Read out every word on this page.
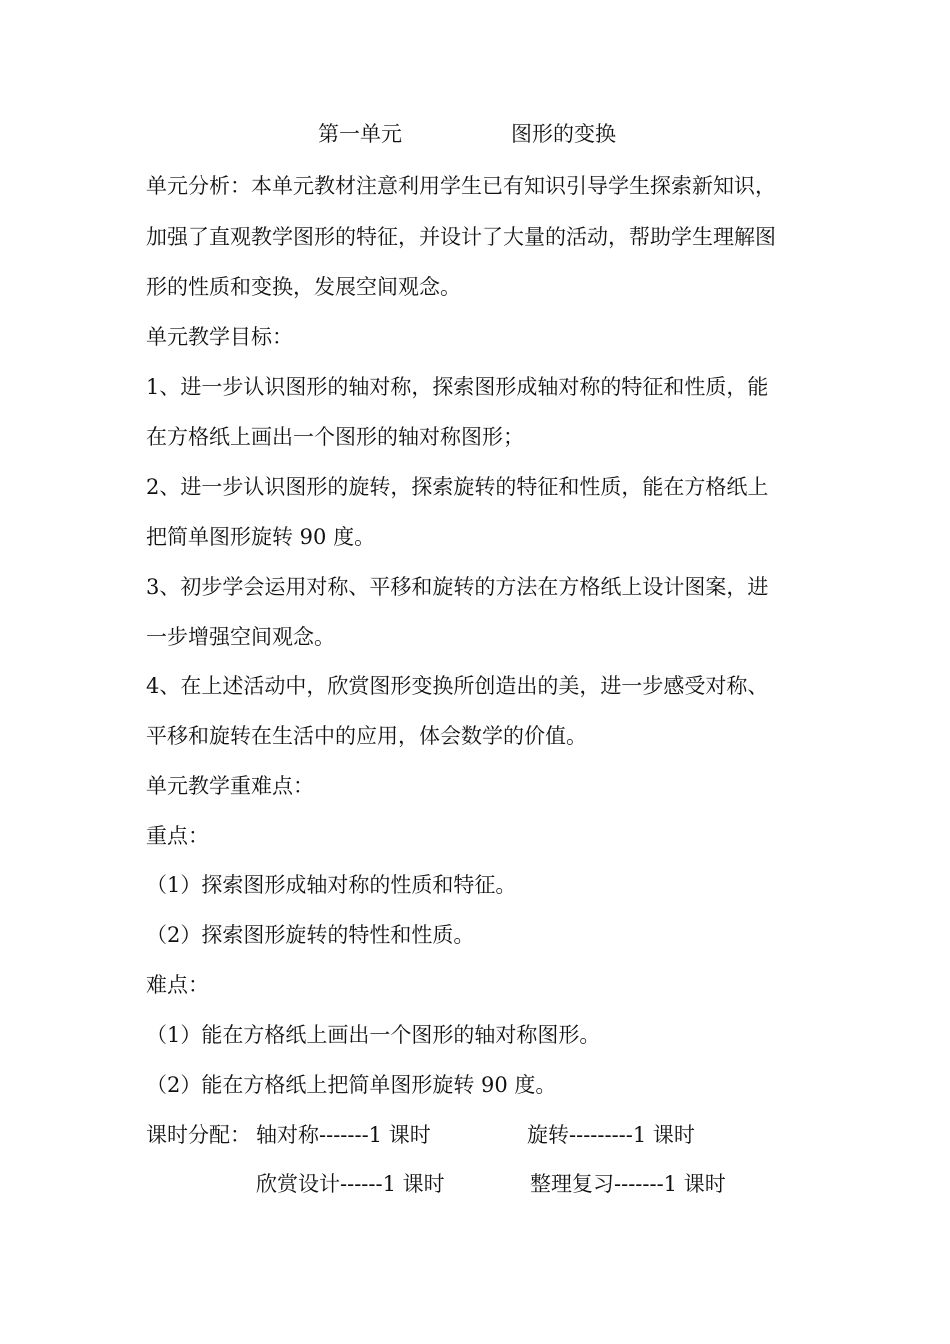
第一单元	图形的变换
单元分析：本单元教材注意利用学生已有知识引导学生探索新知识，
加强了直观教学图形的特征，并设计了大量的活动，帮助学生理解图
形的性质和变换，发展空间观念。
单元教学目标：
1、进一步认识图形的轴对称，探索图形成轴对称的特征和性质，能
在方格纸上画出一个图形的轴对称图形；
2、进一步认识图形的旋转，探索旋转的特征和性质，能在方格纸上
把简单图形旋转 90 度。
3、初步学会运用对称、平移和旋转的方法在方格纸上设计图案，进
一步增强空间观念。
4、在上述活动中，欣赏图形变换所创造出的美，进一步感受对称、
平移和旋转在生活中的应用，体会数学的价值。
单元教学重难点：
重点：
（1）探索图形成轴对称的性质和特征。
（2）探索图形旋转的特性和性质。
难点：
（1）能在方格纸上画出一个图形的轴对称图形。
（2）能在方格纸上把简单图形旋转 90 度。
课时分配： 轴对称-------1 课时	旋转---------1 课时
欣赏设计------1 课时	整理复习-------1 课时
